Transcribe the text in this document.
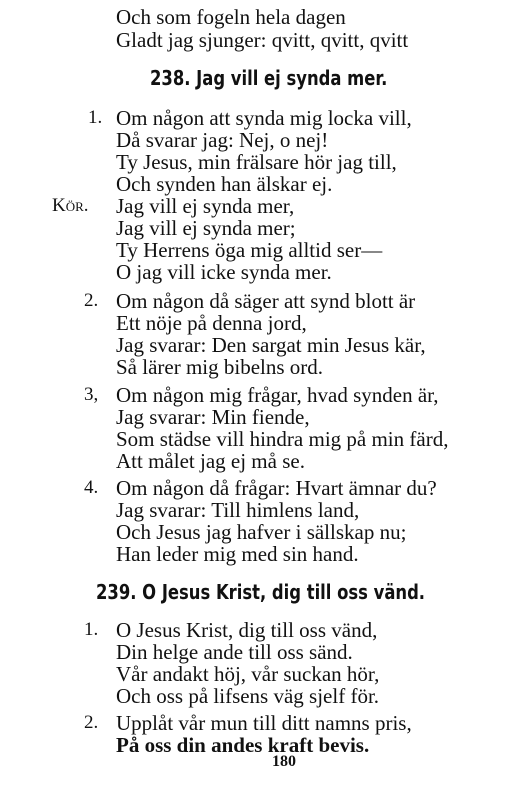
Och som fogeln hela dagen
Gladt jag sjunger: qvitt, qvitt, qvitt
238. Jag vill ej synda mer.
1. Om någon att synda mig locka vill,
Då svarar jag: Nej, o nej!
Ty Jesus, min frälsare hör jag till,
Och synden han älskar ej.
Kör. Jag vill ej synda mer,
Jag vill ej synda mer;
Ty Herrens öga mig alltid ser—
O jag vill icke synda mer.
2. Om någon då säger att synd blott är
Ett nöje på denna jord,
Jag svarar: Den sargat min Jesus kär,
Så lärer mig bibelns ord.
3, Om någon mig frågar, hvad synden är,
Jag svarar: Min fiende,
Som städse vill hindra mig på min färd,
Att målet jag ej må se.
4. Om någon då frågar: Hvart ämnar du?
Jag svarar: Till himlens land,
Och Jesus jag hafver i sällskap nu;
Han leder mig med sin hand.
239. O Jesus Krist, dig till oss vänd.
1. O Jesus Krist, dig till oss vänd,
Din helge ande till oss sänd.
Vår andakt höj, vår suckan hör,
Och oss på lifsens väg sjelf för.
2. Upplåt vår mun till ditt namns pris,
På oss din andes kraft bevis.
180
